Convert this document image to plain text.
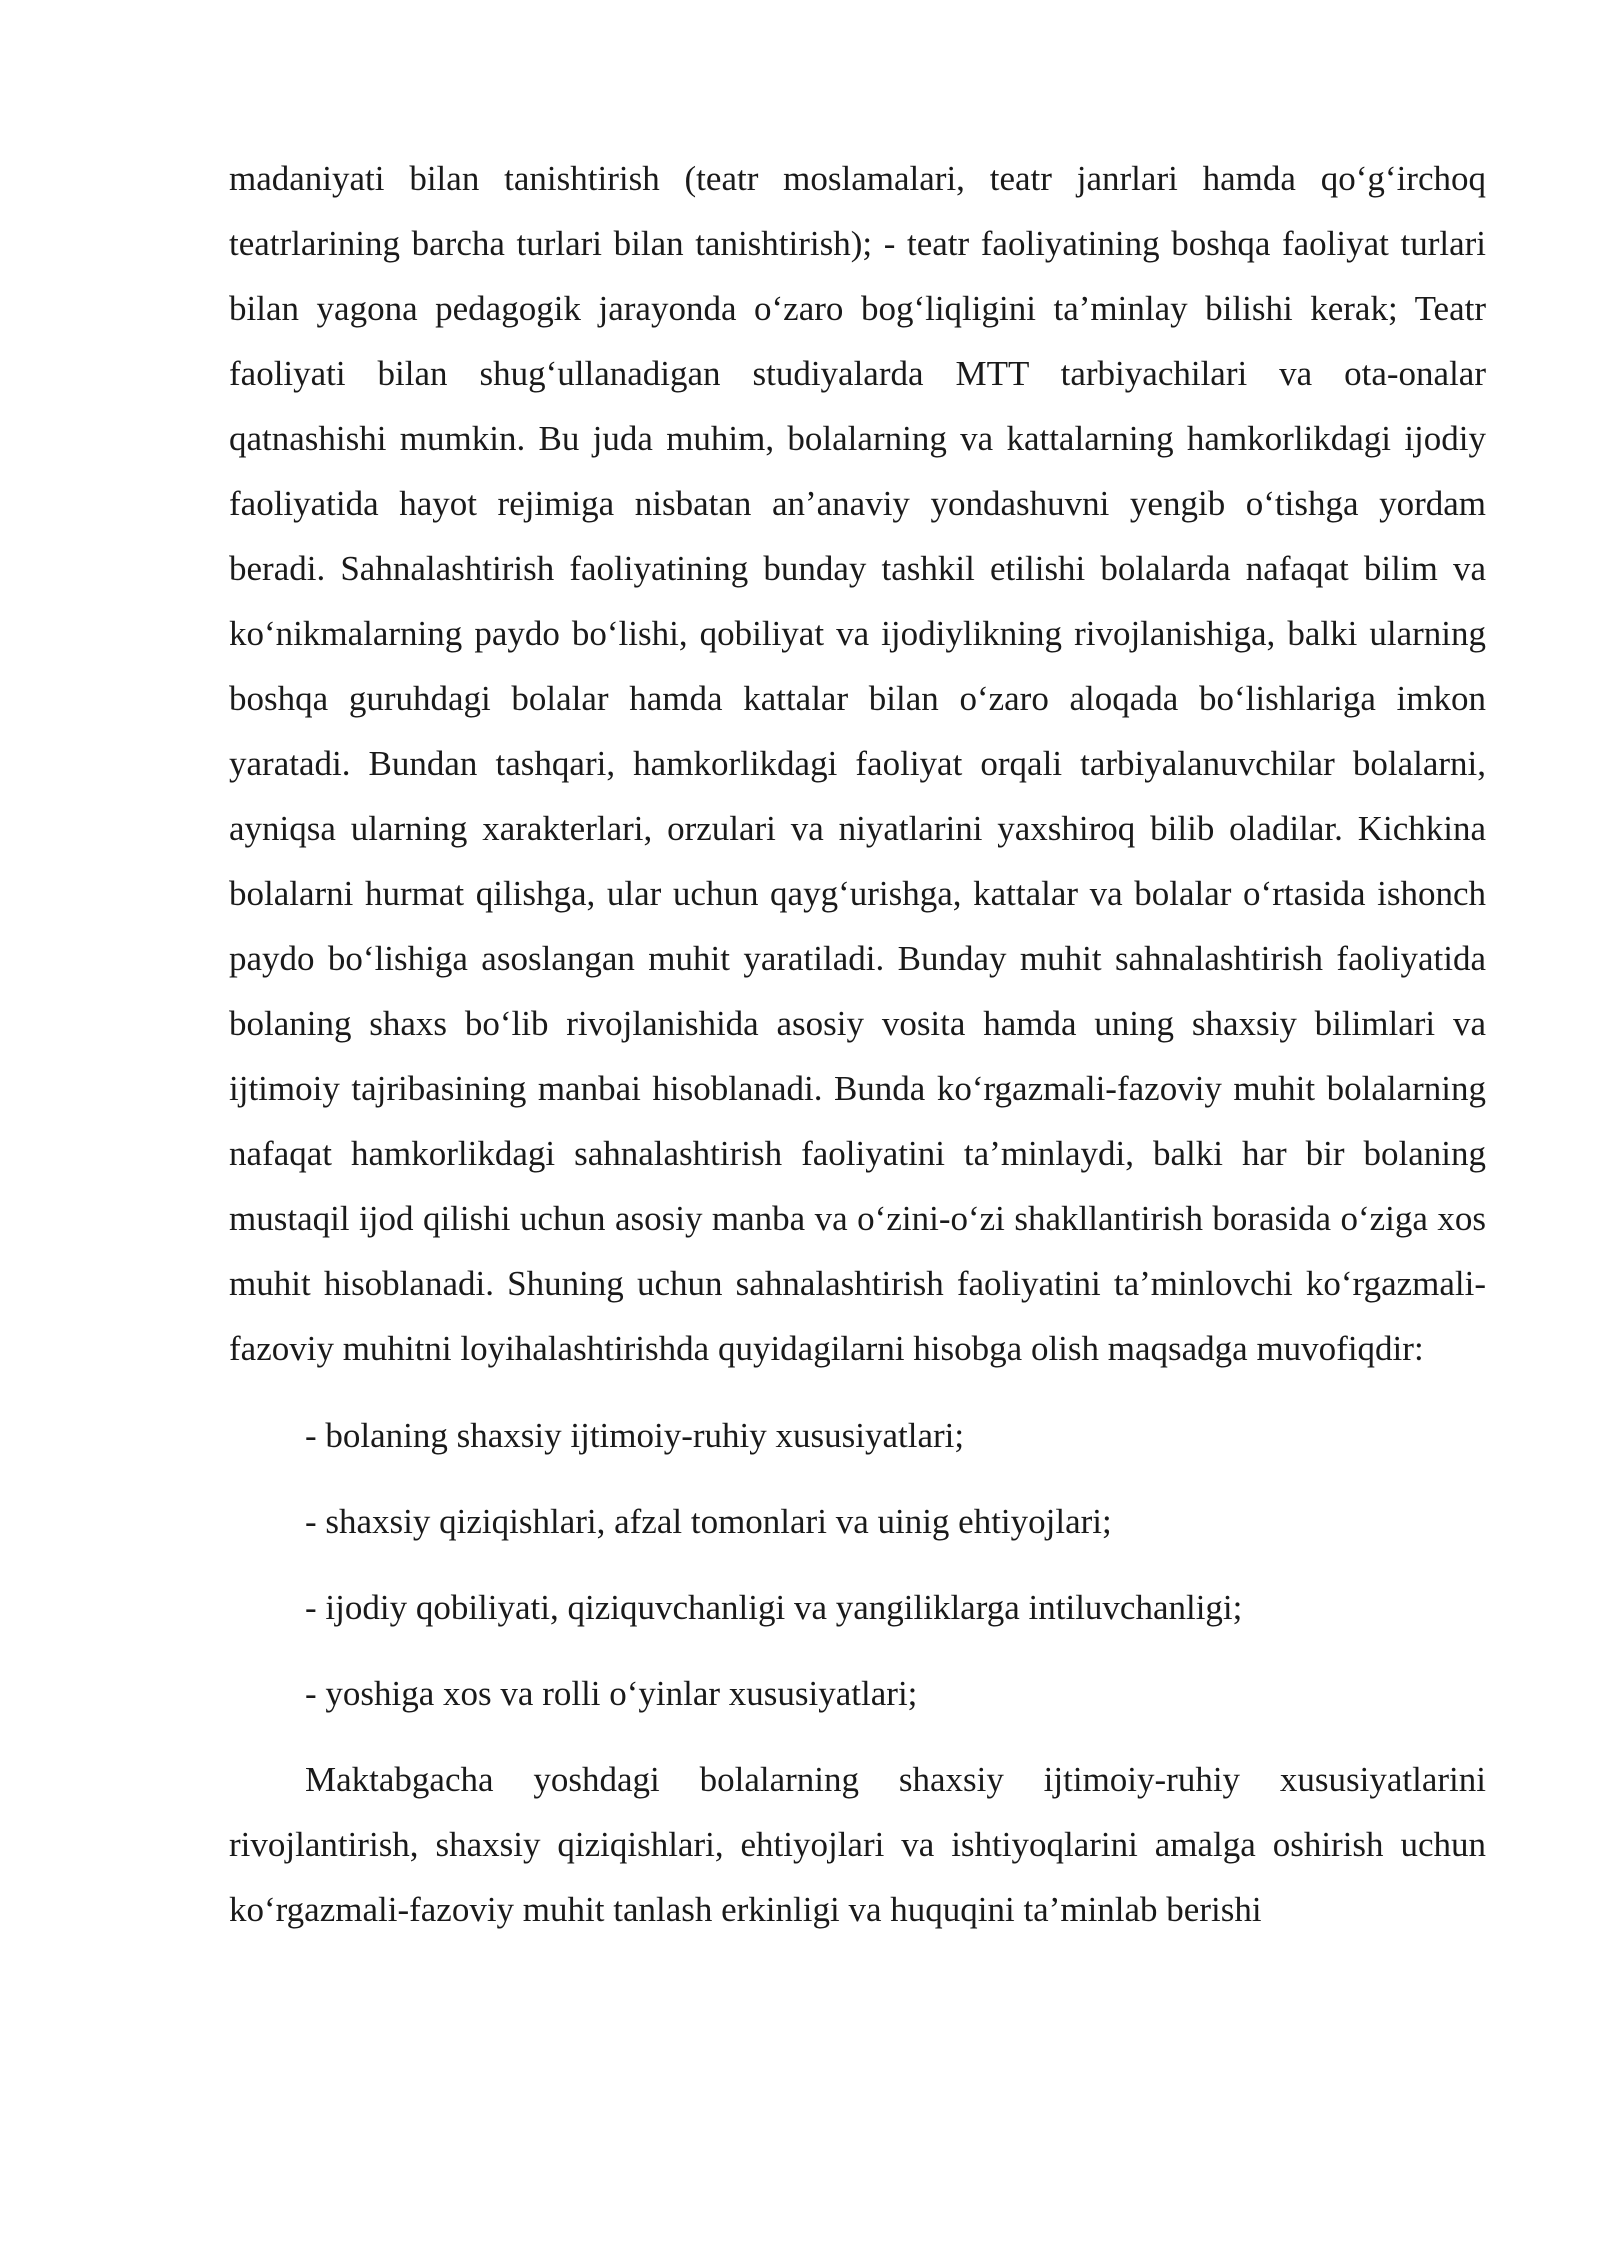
madaniyati bilan tanishtirish (teatr moslamalari, teatr janrlari hamda qo‘g‘irchoq teatrlarining barcha turlari bilan tanishtirish); - teatr faoliyatining boshqa faoliyat turlari bilan yagona pedagogik jarayonda o‘zaro bog‘liqligini ta’minlay bilishi kerak; Teatr faoliyati bilan shug‘ullanadigan studiyalarda MTT tarbiyachilari va ota-onalar qatnashishi mumkin. Bu juda muhim, bolalarning va kattalarning hamkorlikdagi ijodiy faoliyatida hayot rejimiga nisbatan an’anaviy yondashuvni yengib o‘tishga yordam beradi. Sahnalashtirish faoliyatining bunday tashkil etilishi bolalarda nafaqat bilim va ko‘nikmalarning paydo bo‘lishi, qobiliyat va ijodiylikning rivojlanishiga, balki ularning boshqa guruhdagi bolalar hamda kattalar bilan o‘zaro aloqada bo‘lishlariga imkon yaratadi. Bundan tashqari, hamkorlikdagi faoliyat orqali tarbiyalanuvchilar bolalarni, ayniqsa ularning xarakterlari, orzulari va niyatlarini yaxshiroq bilib oladilar. Kichkina bolalarni hurmat qilishga, ular uchun qayg‘urishga, kattalar va bolalar o‘rtasida ishonch paydo bo‘lishiga asoslangan muhit yaratiladi. Bunday muhit sahnalashtirish faoliyatida bolaning shaxs bo‘lib rivojlanishida asosiy vosita hamda uning shaxsiy bilimlari va ijtimoiy tajribasining manbai hisoblanadi. Bunda ko‘rgazmali-fazoviy muhit bolalarning nafaqat hamkorlikdagi sahnalashtirish faoliyatini ta’minlaydi, balki har bir bolaning mustaqil ijod qilishi uchun asosiy manba va o‘zini-o‘zi shakllantirish borasida o‘ziga xos muhit hisoblanadi. Shuning uchun sahnalashtirish faoliyatini ta’minlovchi ko‘rgazmali-fazoviy muhitni loyihalashtirishda quyidagilarni hisobga olish maqsadga muvofiqdir:

- bolaning shaxsiy ijtimoiy-ruhiy xususiyatlari;
- shaxsiy qiziqishlari, afzal tomonlari va uinig ehtiyojlari;
- ijodiy qobiliyati, qiziquvchanligi va yangiliklarga intiluvchanligi;
- yoshiga xos va rolli o‘yinlar xususiyatlari;

Maktabgacha yoshdagi bolalarning shaxsiy ijtimoiy-ruhiy xususiyatlarini rivojlantirish, shaxsiy qiziqishlari, ehtiyojlari va ishtiyoqlarini amalga oshirish uchun ko‘rgazmali-fazoviy muhit tanlash erkinligi va huquqini ta’minlab berishi
